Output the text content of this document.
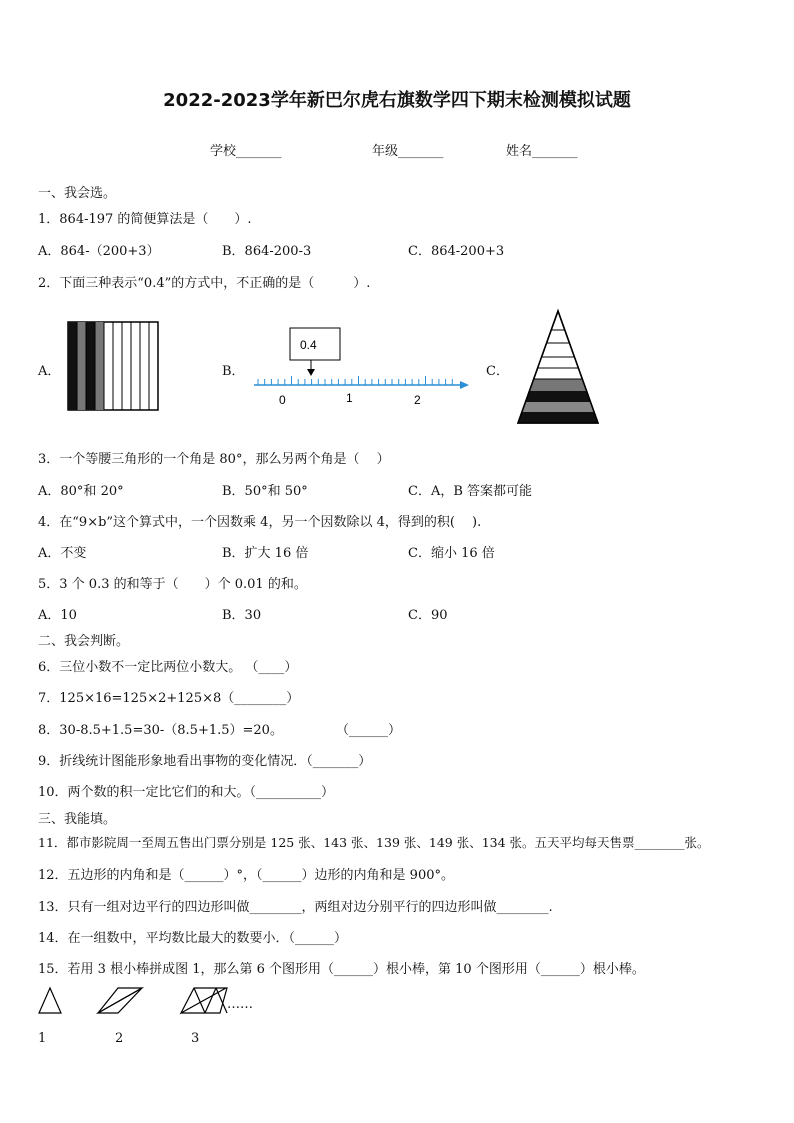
2022-2023学年新巴尔虎右旗数学四下期末检测模拟试题
学校_______	年级_______	姓名_______
一、我会选。
1．864-197 的简便算法是（　　）.
A．864-（200+3）	B．864-200-3	C．864-200+3
2．下面三种表示“0.4”的方式中，不正确的是（　　　）.
A．	B．	C．
0.4
0	1	2
3．一个等腰三角形的一个角是 80°，那么另两个角是（　 ）
A．80°和 20°	B．50°和 50°	C．A，B 答案都可能
4．在“9×b”这个算式中，一个因数乘 4，另一个因数除以 4，得到的积(　 ).
A．不变	B．扩大 16 倍	C．缩小 16 倍
5．3 个 0.3 的和等于（　　）个 0.01 的和。
A．10	B．30	C．90
二、我会判断。
6．三位小数不一定比两位小数大。 （____）
7．125×16=125×2+125×8（________）
8．30-8.5+1.5=30-（8.5+1.5）=20。	（______）
9．折线统计图能形象地看出事物的变化情况．（_______）
10．两个数的积一定比它们的和大。（__________）
三、我能填。
11．都市影院周一至周五售出门票分别是 125 张、143 张、139 张、149 张、134 张。五天平均每天售票________张。
12．五边形的内角和是（______）°，（______）边形的内角和是 900°。
13．只有一组对边平行的四边形叫做________，两组对边分别平行的四边形叫做________.
14．在一组数中，平均数比最大的数要小．（______）
15．若用 3 根小棒拼成图 1，那么第 6 个图形用（______）根小棒，第 10 个图形用（______）根小棒。
……
1	2	3
